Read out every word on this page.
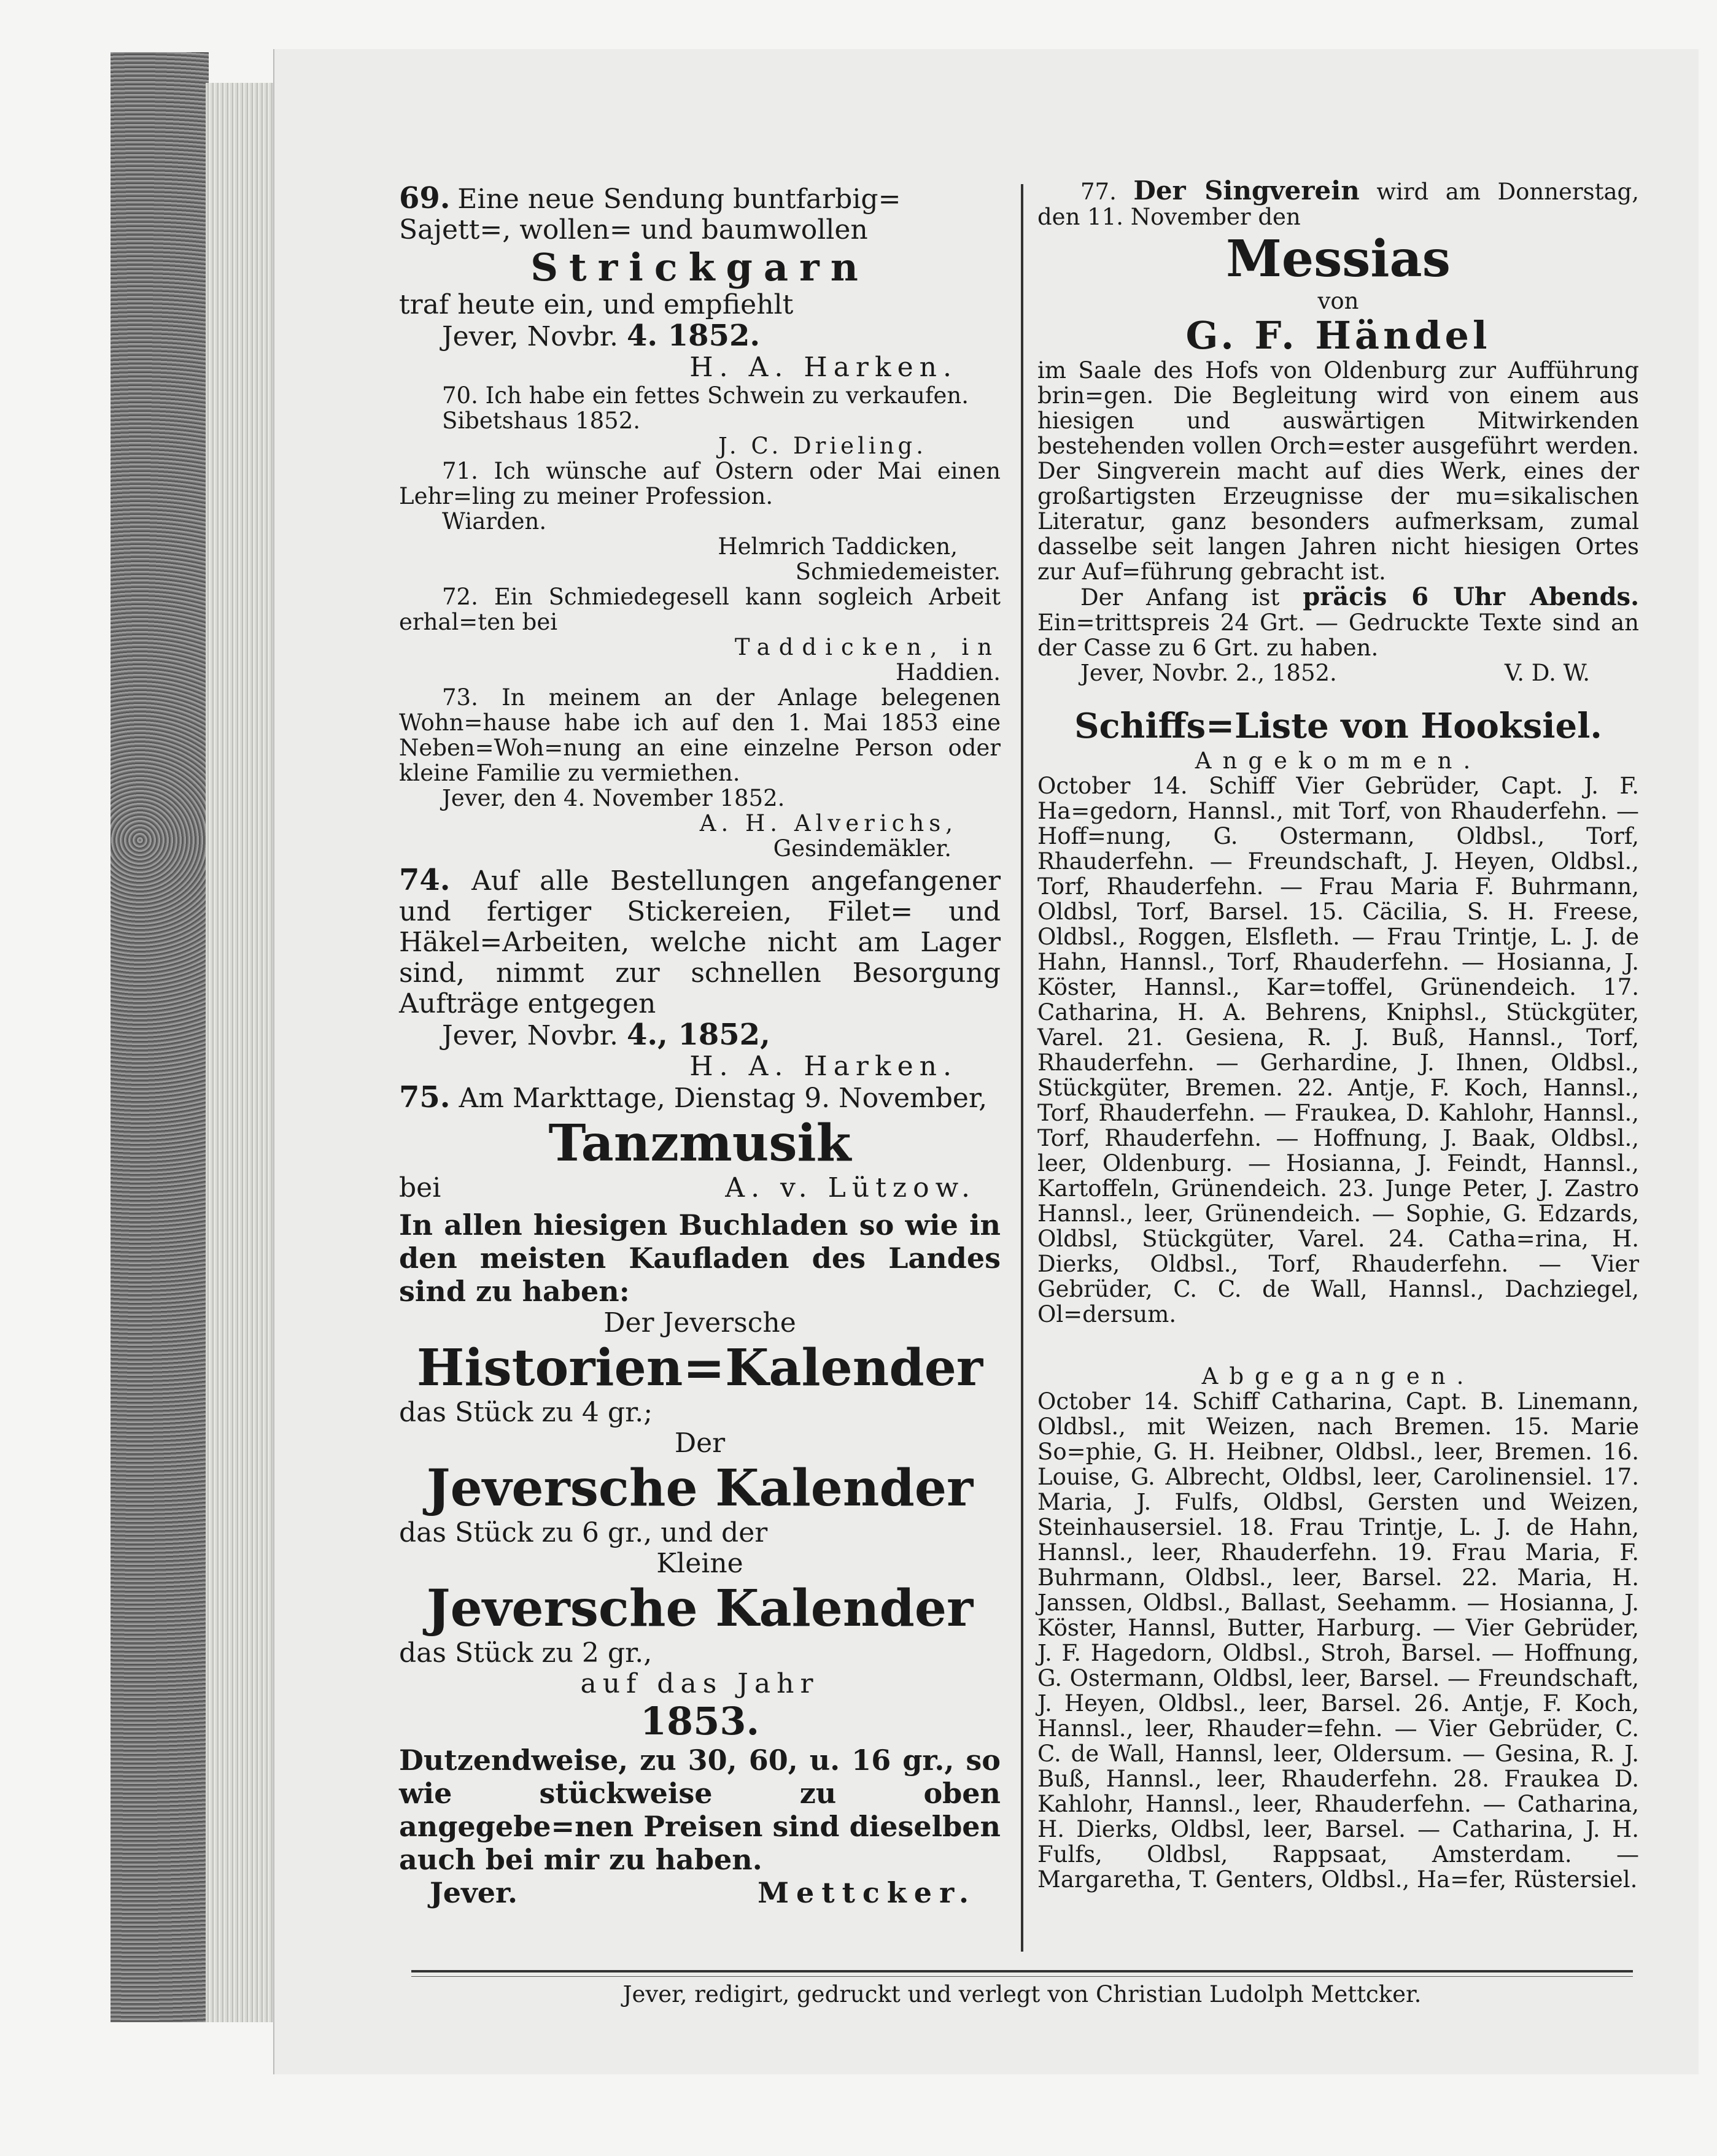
69. Eine neue Sendung buntfarbig=
Sajett=, wollen= und baumwollen

Strickgarn

traf heute ein, und empfiehlt

Jever, Novbr. 4. 1852.

H. A. Harken.

70. Ich habe ein fettes Schwein zu verkaufen.

Sibetshaus 1852.

J. C. Drieling.

71. Ich wünsche auf Ostern oder Mai einen Lehr=ling zu meiner Profession.

Wiarden.

Helmrich Taddicken,

Schmiedemeister.

72. Ein Schmiedegesell kann sogleich Arbeit erhal=ten bei

Taddicken, in

Haddien.

73. In meinem an der Anlage belegenen Wohn=hause habe ich auf den 1. Mai 1853 eine Neben=Woh=nung an eine einzelne Person oder kleine Familie zu vermiethen.

Jever, den 4. November 1852.

A. H. Alverichs,

Gesindemäkler.

74. Auf alle Bestellungen angefangener und fertiger Stickereien, Filet= und Häkel=Arbeiten, welche nicht am Lager sind, nimmt zur schnellen Besorgung Aufträge entgegen

Jever, Novbr. 4., 1852,

H. A. Harken.

75. Am Markttage, Dienstag 9. November,

Tanzmusik

bei	A. v. Lützow.

In allen hiesigen Buchladen so wie in den meisten Kaufladen des Landes sind zu haben:

Der Jeversche

Historien=Kalender

das Stück zu 4 gr.;

Der

Jeversche Kalender

das Stück zu 6 gr., und der

Kleine

Jeversche Kalender

das Stück zu 2 gr.,

auf das Jahr

1853.

Dutzendweise, zu 30, 60, u. 16 gr., so wie stückweise zu oben angegebe=nen Preisen sind dieselben auch bei mir zu haben.

Jever.	Mettcker.

77. Der Singverein wird am Donnerstag, den 11. November den

Messias

von

G. F. Händel

im Saale des Hofs von Oldenburg zur Aufführung brin=gen. Die Begleitung wird von einem aus hiesigen und auswärtigen Mitwirkenden bestehenden vollen Orch=ester ausgeführt werden. Der Singverein macht auf dies Werk, eines der großartigsten Erzeugnisse der mu=sikalischen Literatur, ganz besonders aufmerksam, zumal dasselbe seit langen Jahren nicht hiesigen Ortes zur Auf=führung gebracht ist.

Der Anfang ist präcis 6 Uhr Abends. Ein=trittspreis 24 Grt. — Gedruckte Texte sind an der Casse zu 6 Grt. zu haben.

Jever, Novbr. 2., 1852.	V. D. W.

Schiffs=Liste von Hooksiel.

Angekommen.

October 14. Schiff Vier Gebrüder, Capt. J. F. Ha=gedorn, Hannsl., mit Torf, von Rhauderfehn. — Hoff=nung, G. Ostermann, Oldbsl., Torf, Rhauderfehn. — Freundschaft, J. Heyen, Oldbsl., Torf, Rhauderfehn. — Frau Maria F. Buhrmann, Oldbsl, Torf, Barsel. 15. Cäcilia, S. H. Freese, Oldbsl., Roggen, Elsfleth. — Frau Trintje, L. J. de Hahn, Hannsl., Torf, Rhauderfehn. — Hosianna, J. Köster, Hannsl., Kar=toffel, Grünendeich. 17. Catharina, H. A. Behrens, Kniphsl., Stückgüter, Varel. 21. Gesiena, R. J. Buß, Hannsl., Torf, Rhauderfehn. — Gerhardine, J. Ihnen, Oldbsl., Stückgüter, Bremen. 22. Antje, F. Koch, Hannsl., Torf, Rhauderfehn. — Fraukea, D. Kahlohr, Hannsl., Torf, Rhauderfehn. — Hoffnung, J. Baak, Oldbsl., leer, Oldenburg. — Hosianna, J. Feindt, Hannsl., Kartoffeln, Grünendeich. 23. Junge Peter, J. Zastro Hannsl., leer, Grünendeich. — Sophie, G. Edzards, Oldbsl, Stückgüter, Varel. 24. Catha=rina, H. Dierks, Oldbsl., Torf, Rhauderfehn. — Vier Gebrüder, C. C. de Wall, Hannsl., Dachziegel, Ol=dersum.

Abgegangen.

October 14. Schiff Catharina, Capt. B. Linemann, Oldbsl., mit Weizen, nach Bremen. 15. Marie So=phie, G. H. Heibner, Oldbsl., leer, Bremen. 16. Louise, G. Albrecht, Oldbsl, leer, Carolinensiel. 17. Maria, J. Fulfs, Oldbsl, Gersten und Weizen, Steinhausersiel. 18. Frau Trintje, L. J. de Hahn, Hannsl., leer, Rhauderfehn. 19. Frau Maria, F. Buhrmann, Oldbsl., leer, Barsel. 22. Maria, H. Janssen, Oldbsl., Ballast, Seehamm. — Hosianna, J. Köster, Hannsl, Butter, Harburg. — Vier Gebrüder, J. F. Hagedorn, Oldbsl., Stroh, Barsel. — Hoffnung, G. Ostermann, Oldbsl, leer, Barsel. — Freundschaft, J. Heyen, Oldbsl., leer, Barsel. 26. Antje, F. Koch, Hannsl., leer, Rhauder=fehn. — Vier Gebrüder, C. C. de Wall, Hannsl, leer, Oldersum. — Gesina, R. J. Buß, Hannsl., leer, Rhauderfehn. 28. Fraukea D. Kahlohr, Hannsl., leer, Rhauderfehn. — Catharina, H. Dierks, Oldbsl, leer, Barsel. — Catharina, J. H. Fulfs, Oldbsl, Rappsaat, Amsterdam. — Margaretha, T. Genters, Oldbsl., Ha=fer, Rüstersiel.

Jever, redigirt, gedruckt und verlegt von Christian Ludolph Mettcker.
